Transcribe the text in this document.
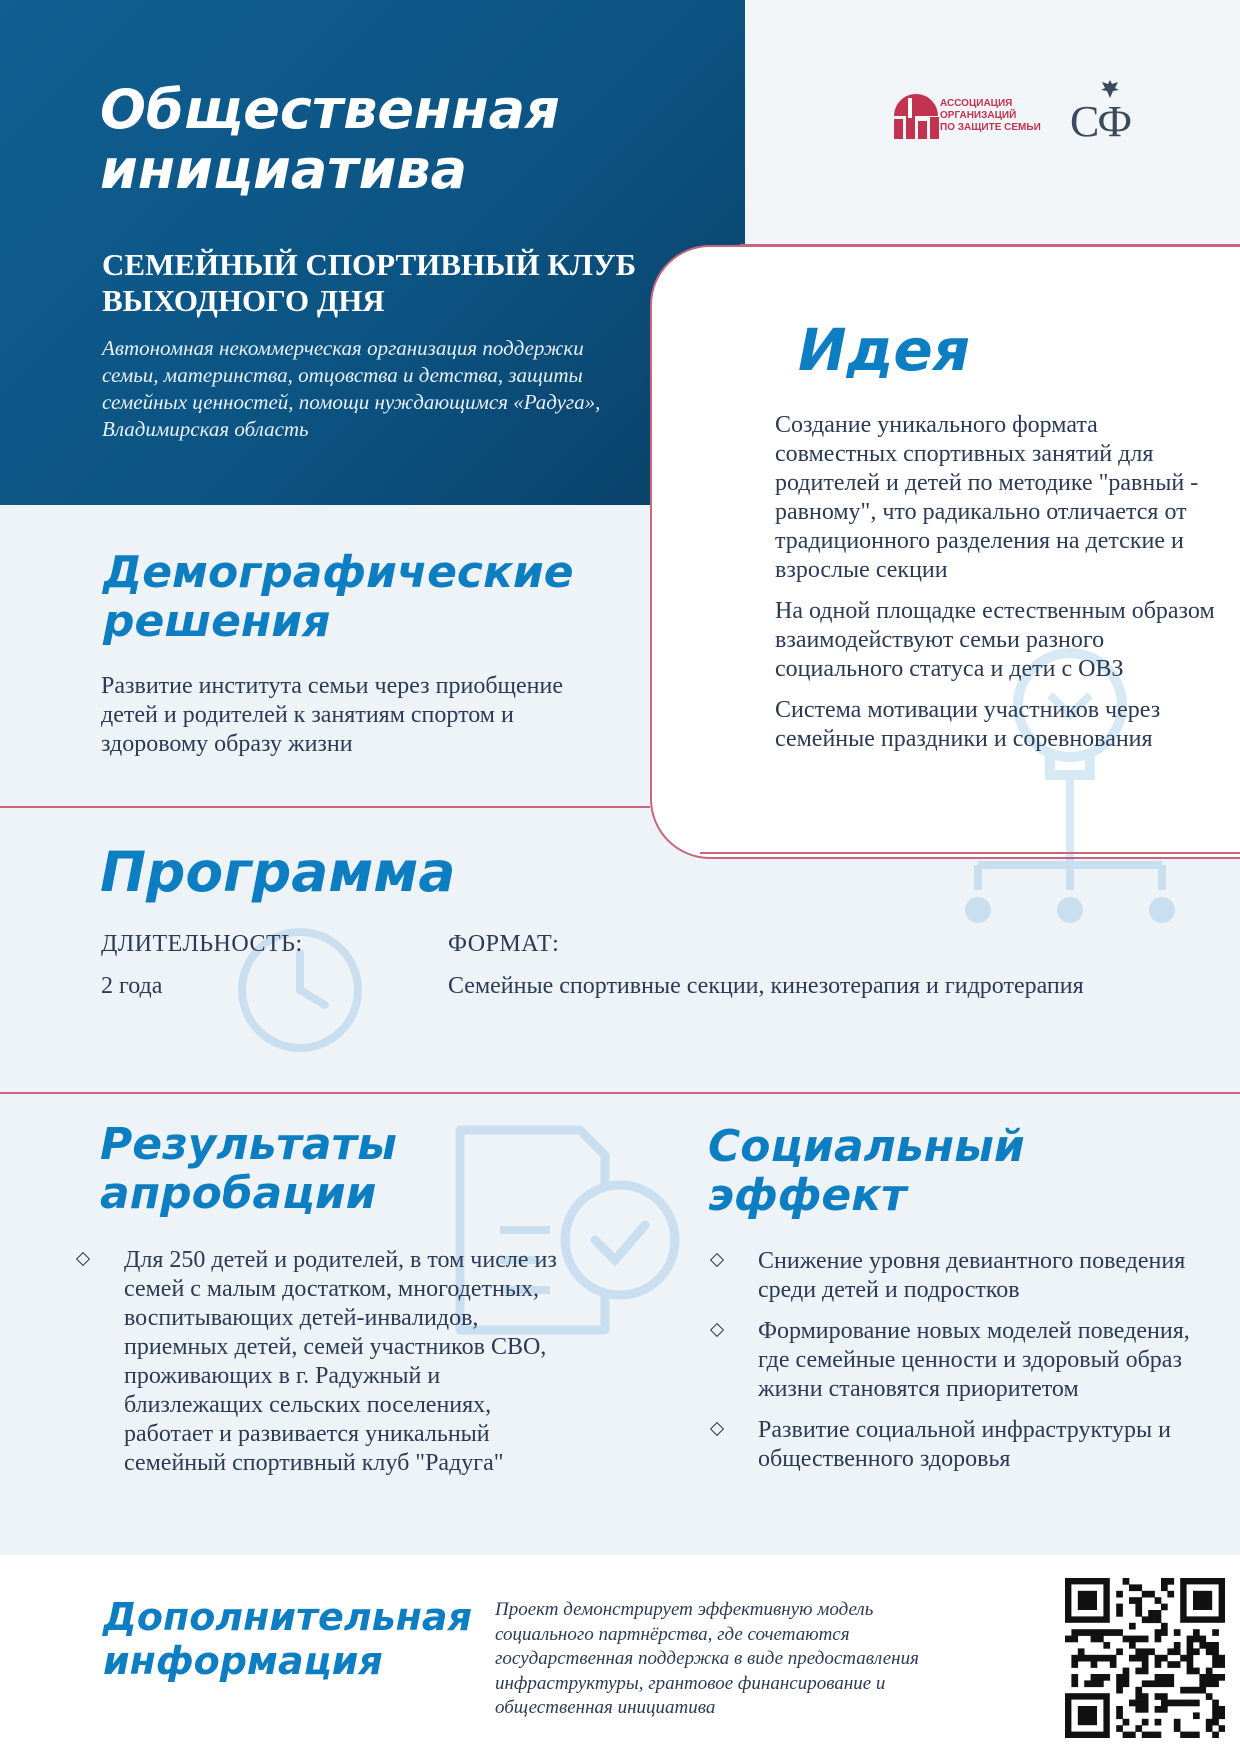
Общественная инициатива
СЕМЕЙНЫЙ СПОРТИВНЫЙ КЛУБ ВЫХОДНОГО ДНЯ
Автономная некоммерческая организация поддержки семьи, материнства, отцовства и детства, защиты семейных ценностей, помощи нуждающимся «Радуга», Владимирская область
АССОЦИАЦИЯ
ОРГАНИЗАЦИЙ
ПО ЗАЩИТЕ СЕМЬИ СФ
Идея
Создание уникального формата совместных спортивных занятий для родителей и детей по методике "равный - равному", что радикально отличается от традиционного разделения на детские и взрослые секции
На одной площадке естественным образом взаимодействуют семьи разного социального статуса и дети с ОВЗ
Система мотивации участников через семейные праздники и соревнования
Демографические решения
Развитие института семьи через приобщение детей и родителей к занятиям спортом и здоровому образу жизни
Программа
ДЛИТЕЛЬНОСТЬ:
2 года
ФОРМАТ:
Семейные спортивные секции, кинезотерапия и гидротерапия
Результаты апробации
Для 250 детей и родителей, в том числе из семей с малым достатком, многодетных, воспитывающих детей-инвалидов, приемных детей, семей участников СВО, проживающих в г. Радужный и близлежащих сельских поселениях, работает и развивается уникальный семейный спортивный клуб "Радуга"
Социальный эффект
Снижение уровня девиантного поведения среди детей и подростков
Формирование новых моделей поведения, где семейные ценности и здоровый образ жизни становятся приоритетом
Развитие социальной инфраструктуры и общественного здоровья
Дополнительная информация
Проект демонстрирует эффективную модель социального партнёрства, где сочетаются государственная поддержка в виде предоставления инфраструктуры, грантовое финансирование и общественная инициатива
